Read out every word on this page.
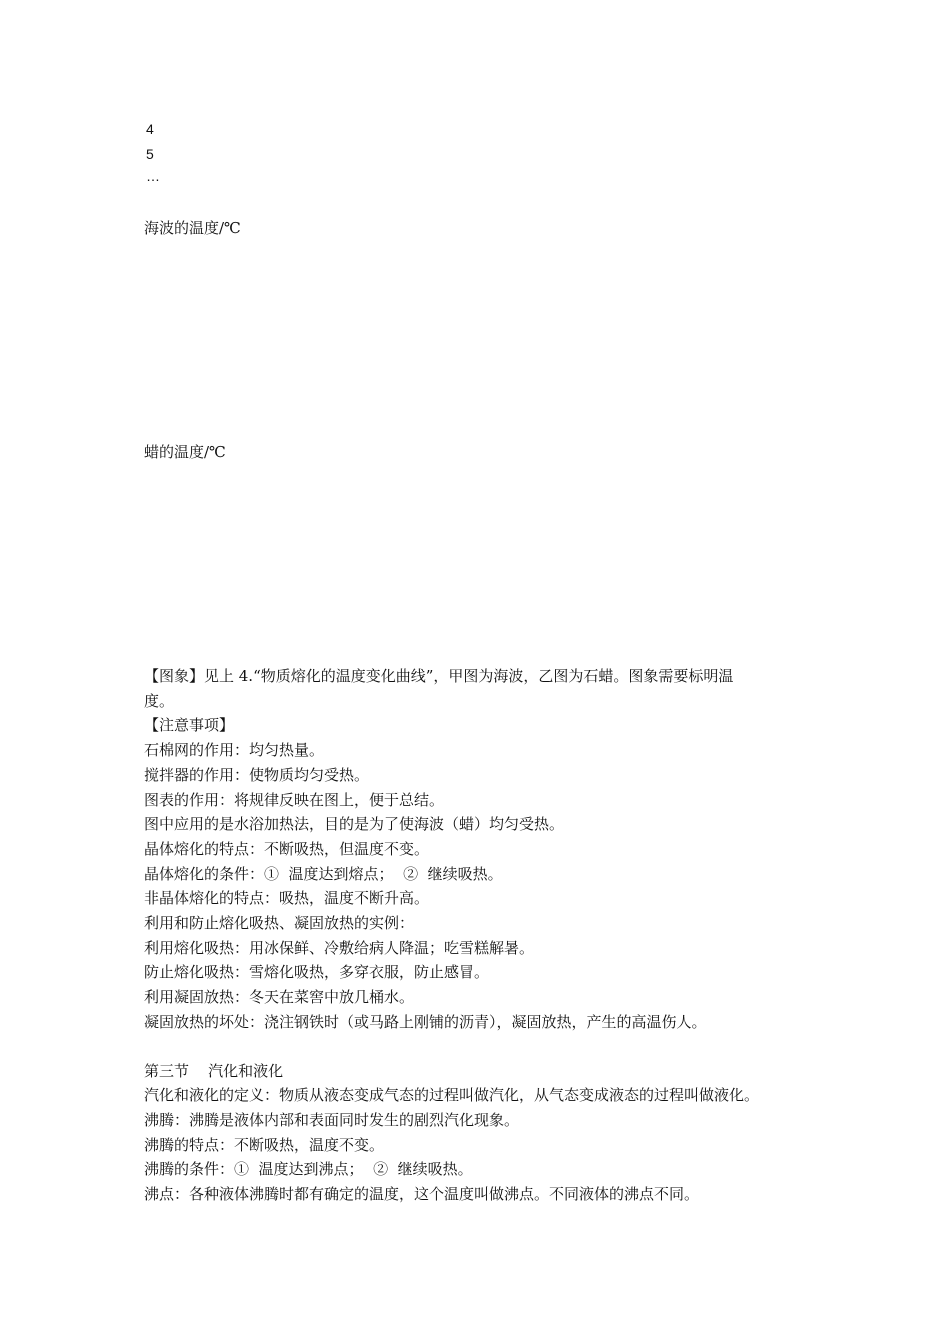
4
5
…
海波的温度/℃
蜡的温度/℃
【图象】见上 4.“物质熔化的温度变化曲线”，甲图为海波，乙图为石蜡。图象需要标明温
度。
【注意事项】
石棉网的作用：均匀热量。
搅拌器的作用：使物质均匀受热。
图表的作用：将规律反映在图上，便于总结。
图中应用的是水浴加热法，目的是为了使海波（蜡）均匀受热。
晶体熔化的特点：不断吸热，但温度不变。
晶体熔化的条件：①  温度达到熔点；  ②  继续吸热。
非晶体熔化的特点：吸热，温度不断升高。
利用和防止熔化吸热、凝固放热的实例：
利用熔化吸热：用冰保鲜、冷敷给病人降温；吃雪糕解暑。
防止熔化吸热：雪熔化吸热，多穿衣服，防止感冒。
利用凝固放热：冬天在菜窖中放几桶水。
凝固放热的坏处：浇注钢铁时（或马路上刚铺的沥青），凝固放热，产生的高温伤人。
第三节    汽化和液化
汽化和液化的定义：物质从液态变成气态的过程叫做汽化，从气态变成液态的过程叫做液化。
沸腾：沸腾是液体内部和表面同时发生的剧烈汽化现象。
沸腾的特点：不断吸热，温度不变。
沸腾的条件：①  温度达到沸点；  ②  继续吸热。
沸点：各种液体沸腾时都有确定的温度，这个温度叫做沸点。不同液体的沸点不同。
